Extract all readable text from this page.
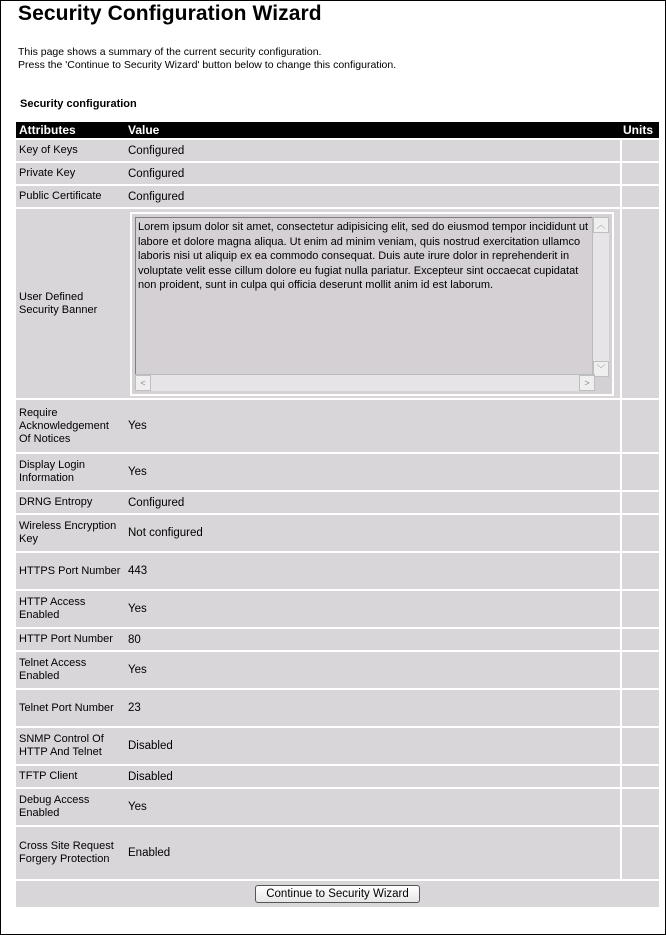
Security Configuration Wizard
This page shows a summary of the current security configuration.
Press the 'Continue to Security Wizard' button below to change this configuration.
Security configuration
Attributes	Value	Units
Key of Keys	Configured	
Private Key	Configured	
Public Certificate	Configured	
User Defined Security Banner	Lorem ipsum dolor sit amet, consectetur adipisicing elit, sed do eiusmod tempor incididunt ut labore et dolore magna aliqua. Ut enim ad minim veniam, quis nostrud exercitation ullamco laboris nisi ut aliquip ex ea commodo consequat. Duis aute irure dolor in reprehenderit in voluptate velit esse cillum dolore eu fugiat nulla pariatur. Excepteur sint occaecat cupidatat non proident, sunt in culpa qui officia deserunt mollit anim id est laborum.
︿
﹀
< >	

Require Acknowledgement Of Notices	Yes	
Display Login Information	Yes	
DRNG Entropy	Configured	
Wireless Encryption Key	Not configured	
HTTPS Port Number	443	
HTTP Access Enabled	Yes	
HTTP Port Number	80	
Telnet Access Enabled	Yes	
Telnet Port Number	23	
SNMP Control Of HTTP And Telnet	Disabled	
TFTP Client	Disabled	
Debug Access Enabled	Yes	
Cross Site Request Forgery Protection	Enabled	
Continue to Security Wizard		
